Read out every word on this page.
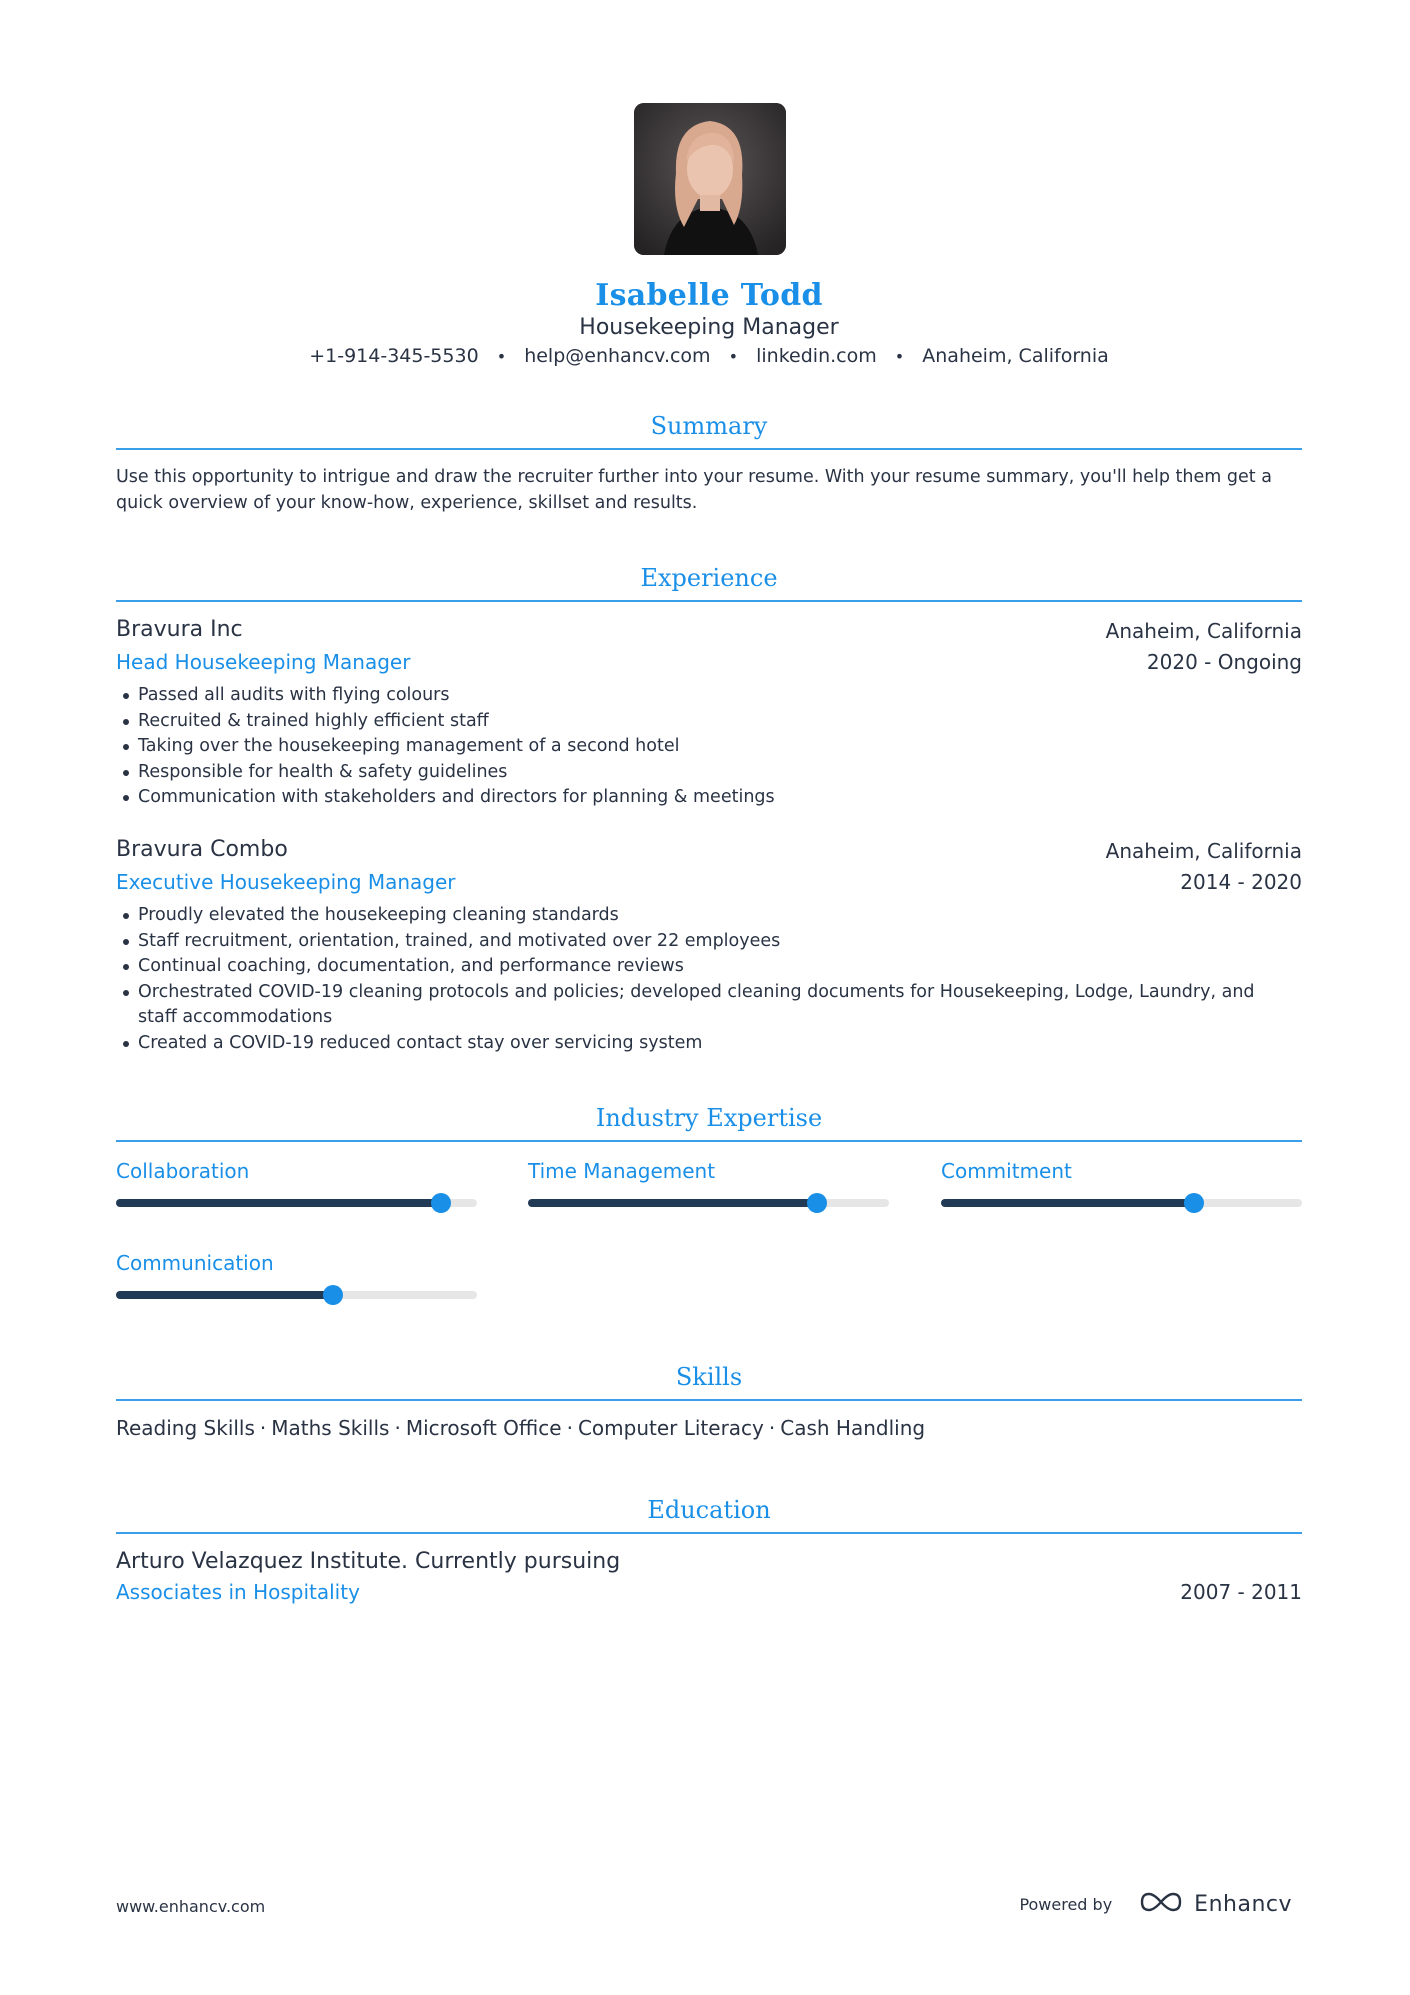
Isabelle Todd
Housekeeping Manager
+1-914-345-5530 • help@enhancv.com • linkedin.com • Anaheim, California
Summary
Use this opportunity to intrigue and draw the recruiter further into your resume. With your resume summary, you'll help them get a quick overview of your know-how, experience, skillset and results.
Experience
Bravura Inc	Anaheim, California
Head Housekeeping Manager	2020 - Ongoing
Passed all audits with flying colours
Recruited & trained highly efficient staff
Taking over the housekeeping management of a second hotel
Responsible for health & safety guidelines
Communication with stakeholders and directors for planning & meetings
Bravura Combo	Anaheim, California
Executive Housekeeping Manager	2014 - 2020
Proudly elevated the housekeeping cleaning standards
Staff recruitment, orientation, trained, and motivated over 22 employees
Continual coaching, documentation, and performance reviews
Orchestrated COVID-19 cleaning protocols and policies; developed cleaning documents for Housekeeping, Lodge, Laundry, and staff accommodations
Created a COVID-19 reduced contact stay over servicing system
Industry Expertise
Collaboration	Time Management	Commitment
Communication
Skills
Reading Skills · Maths Skills · Microsoft Office · Computer Literacy · Cash Handling
Education
Arturo Velazquez Institute. Currently pursuing
Associates in Hospitality	2007 - 2011
www.enhancv.com	Powered by	Enhancv
